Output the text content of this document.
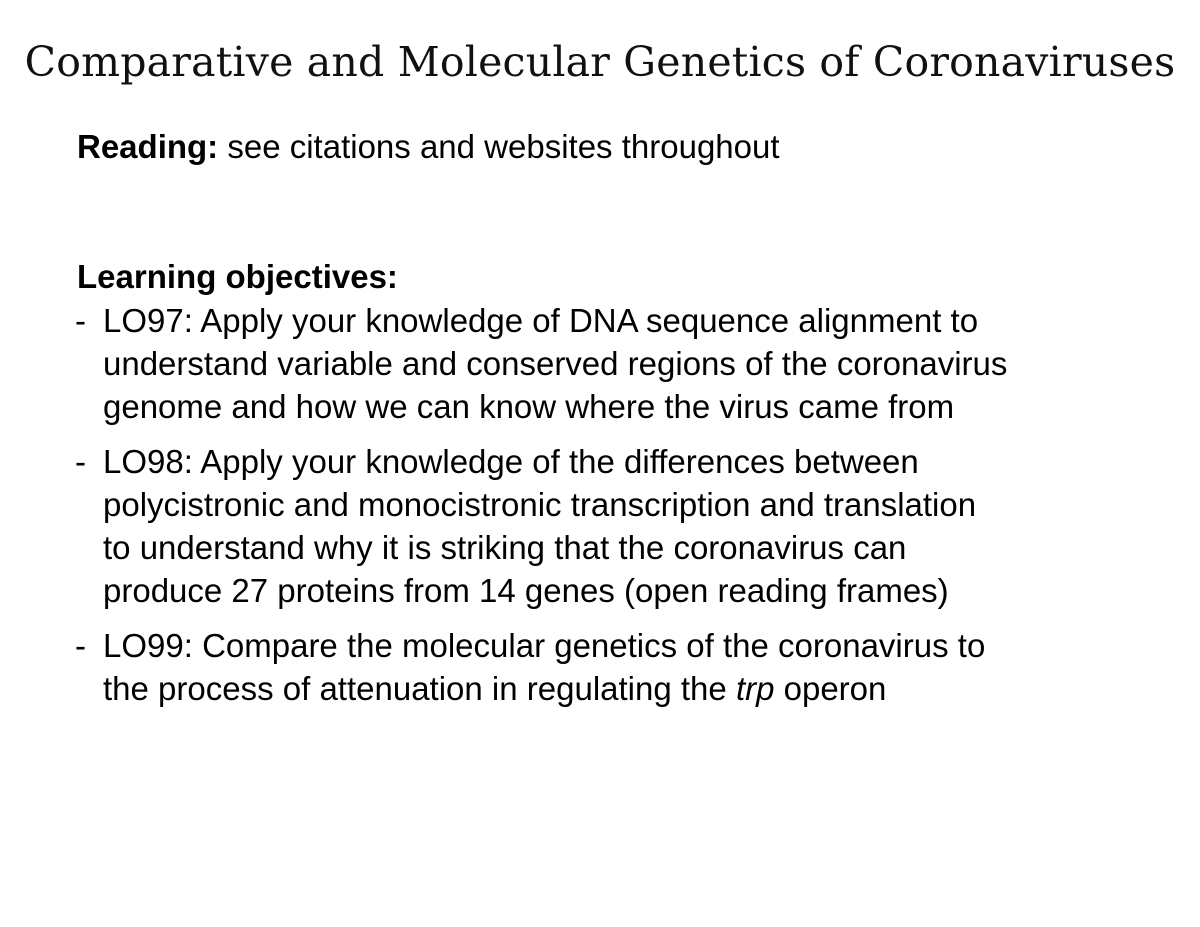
Comparative and Molecular Genetics of Coronaviruses
Reading: see citations and websites throughout
Learning objectives:
- LO97: Apply your knowledge of DNA sequence alignment to
understand variable and conserved regions of the coronavirus
genome and how we can know where the virus came from
- LO98: Apply your knowledge of the differences between
polycistronic and monocistronic transcription and translation
to understand why it is striking that the coronavirus can
produce 27 proteins from 14 genes (open reading frames)
- LO99: Compare the molecular genetics of the coronavirus to
the process of attenuation in regulating the trp operon
